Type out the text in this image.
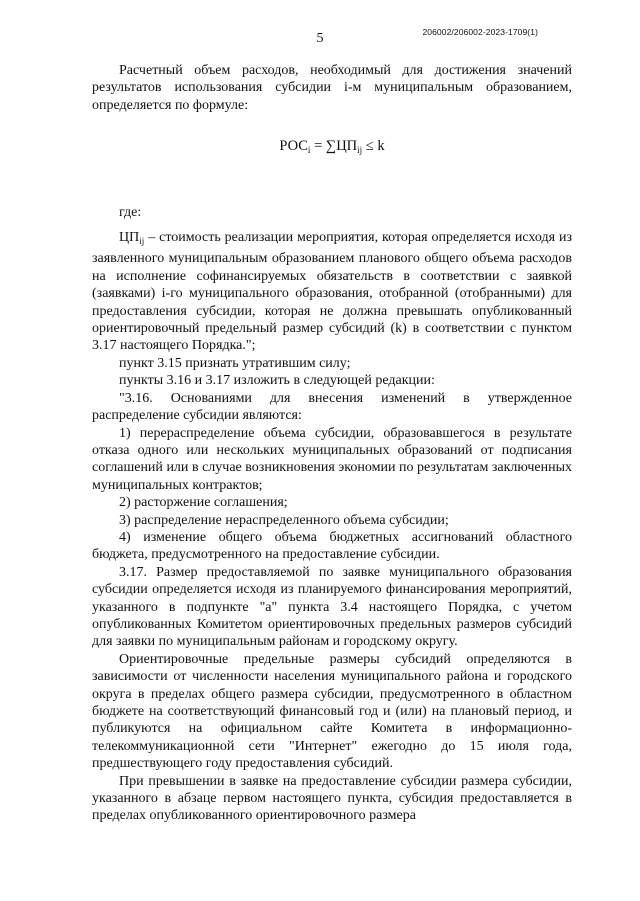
206002/206002-2023-1709(1)
5

Расчетный объем расходов, необходимый для достижения значений результатов использования субсидии i-м муниципальным образованием, определяется по формуле:

$РОС_i = \sum ЦП_{ij} \le k$

где:

$ЦП_{ij}$ – стоимость реализации мероприятия, которая определяется исходя из заявленного муниципальным образованием планового общего объема расходов на исполнение софинансируемых обязательств в соответствии с заявкой (заявками) i-го муниципального образования, отобранной (отобранными) для предоставления субсидии, которая не должна превышать опубликованный ориентировочный предельный размер субсидий (k) в соответствии с пунктом 3.17 настоящего Порядка.";

пункт 3.15 признать утратившим силу;

пункты 3.16 и 3.17 изложить в следующей редакции:

"3.16. Основаниями для внесения изменений в утвержденное распределение субсидии являются:

1) перераспределение объема субсидии, образовавшегося в результате отказа одного или нескольких муниципальных образований от подписания соглашений или в случае возникновения экономии по результатам заключенных муниципальных контрактов;

2) расторжение соглашения;

3) распределение нераспределенного объема субсидии;

4) изменение общего объема бюджетных ассигнований областного бюджета, предусмотренного на предоставление субсидии.

3.17. Размер предоставляемой по заявке муниципального образования субсидии определяется исходя из планируемого финансирования мероприятий, указанного в подпункте "а" пункта 3.4 настоящего Порядка, с учетом опубликованных Комитетом ориентировочных предельных размеров субсидий для заявки по муниципальным районам и городскому округу.

Ориентировочные предельные размеры субсидий определяются в зависимости от численности населения муниципального района и городского округа в пределах общего размера субсидии, предусмотренного в областном бюджете на соответствующий финансовый год и (или) на плановый период, и публикуются на официальном сайте Комитета в информационно-телекоммуникационной сети "Интернет" ежегодно до 15 июля года, предшествующего году предоставления субсидий.

При превышении в заявке на предоставление субсидии размера субсидии, указанного в абзаце первом настоящего пункта, субсидия предоставляется в пределах опубликованного ориентировочного размера
